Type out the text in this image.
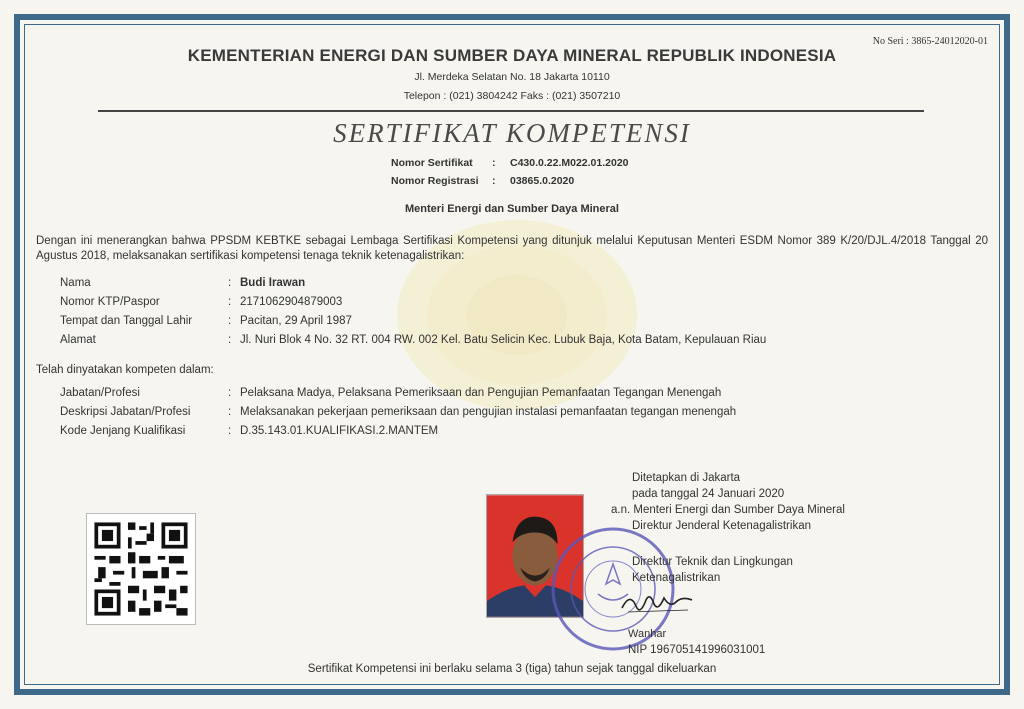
No Seri : 3865-24012020-01
KEMENTERIAN ENERGI DAN SUMBER DAYA MINERAL REPUBLIK INDONESIA
Jl. Merdeka Selatan No. 18 Jakarta 10110
Telepon : (021) 3804242 Faks : (021) 3507210
SERTIFIKAT KOMPETENSI
Nomor Sertifikat	:	C430.0.22.M022.01.2020
Nomor Registrasi	:	03865.0.2020
Menteri Energi dan Sumber Daya Mineral
Dengan ini menerangkan bahwa PPSDM KEBTKE sebagai Lembaga Sertifikasi Kompetensi yang ditunjuk melalui Keputusan Menteri ESDM Nomor 389 K/20/DJL.4/2018 Tanggal 20 Agustus 2018, melaksanakan sertifikasi kompetensi tenaga teknik ketenagalistrikan:
Nama	: Budi Irawan
Nomor KTP/Paspor	: 2171062904879003
Tempat dan Tanggal Lahir	: Pacitan, 29 April 1987
Alamat	: Jl. Nuri Blok 4 No. 32 RT. 004 RW. 002 Kel. Batu Selicin Kec. Lubuk Baja, Kota Batam, Kepulauan Riau
Telah dinyatakan kompeten dalam:
Jabatan/Profesi	: Pelaksana Madya, Pelaksana Pemeriksaan dan Pengujian Pemanfaatan Tegangan Menengah
Deskripsi Jabatan/Profesi	: Melaksanakan pekerjaan pemeriksaan dan pengujian instalasi pemanfaatan tegangan menengah
Kode Jenjang Kualifikasi	: D.35.143.01.KUALIFIKASI.2.MANTEM
Ditetapkan di Jakarta
pada tanggal 24 Januari 2020
a.n. Menteri Energi dan Sumber Daya Mineral
Direktur Jenderal Ketenagalistrikan
Direktur Teknik dan Lingkungan
Ketenagalistrikan
Wanhar
NIP 196705141996031001
Sertifikat Kompetensi ini berlaku selama 3 (tiga) tahun sejak tanggal dikeluarkan
